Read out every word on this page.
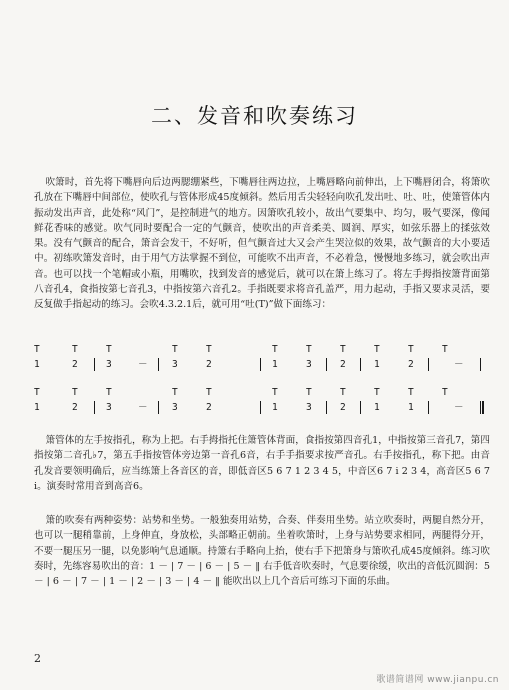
二、发音和吹奏练习

吹箫时，首先将下嘴唇向后边两腮绷紧些，下嘴唇往两边拉，上嘴唇略向前伸出，上下嘴唇闭合，将箫吹孔放在下嘴唇中间部位，使吹孔与管体形成45度倾斜。然后用舌尖轻轻向吹孔发出吐、吐、吐，使箫管体内振动发出声音，此处称“风门”，是控制进气的地方。因箫吹孔较小，故出气要集中、均匀，吸气要深，像闻鲜花香味的感觉。吹气同时要配合一定的气颤音，使吹出的声音柔美、圆润、厚实，如弦乐器上的揉弦效果。没有气颤音的配合，箫音会发干，不好听，但气颤音过大又会产生哭泣似的效果，故气颤音的大小要适中。初练吹箫发音时，由于用气方法掌握不到位，可能吹不出声音，不必着急，慢慢地多练习，就会吹出声音。也可以找一个笔帽或小瓶，用嘴吹，找到发音的感觉后，就可以在箫上练习了。将左手拇指按箫背面第八音孔4，食指按第七音孔3，中指按第六音孔2。手指既要求将音孔盖严，用力起动，手指又要求灵活，要反复做手指起动的练习。会吹4.3.2.1后，就可用“吐(T)”做下面练习：

T	T	T	T	T	T	T	T	T	T	T
1	2	3	－	3	2	1	3	2	1	2	－
T	T	T	T	T	T	T	T	T	T	T
1	2	3	－	3	2	1	3	2	1	1	－

箫管体的左手按指孔，称为上把。右手拇指托住箫管体背面，食指按第四音孔1，中指按第三音孔7，第四指按第二音孔♭7，第五手指按管体旁边第一音孔6音，右手手指要求按严音孔。右手按指孔，称下把。由音孔发音要领明确后，应当练箫上各音区的音，即低音区5 6 7 1 2 3 4 5，中音区6 7 i 2 3 4，高音区5 6 7 i。演奏时常用音到高音6。

箫的吹奏有两种姿势：站势和坐势。一般独奏用站势，合奏、伴奏用坐势。站立吹奏时，两腿自然分开，也可以一腿稍靠前，上身伸直，身放松，头部略正朝前。坐着吹箫时，上身与站势要求相同，两腿得分开，不要一腿压另一腿，以免影响气息通顺。持箫右手略向上抬，使右手下把箫身与箫吹孔成45度倾斜。练习吹奏时，先练容易吹出的音：1 － | 7 － | 6 － | 5 － ‖ 右手低音吹奏时，气息要徐缓，吹出的音低沉圆润：5 － | 6 － | 7 － | 1 － | 2 － | 3 － | 4 － ‖ 能吹出以上几个音后可练习下面的乐曲。

2
歌谱简谱网 www.jianpu.cn
